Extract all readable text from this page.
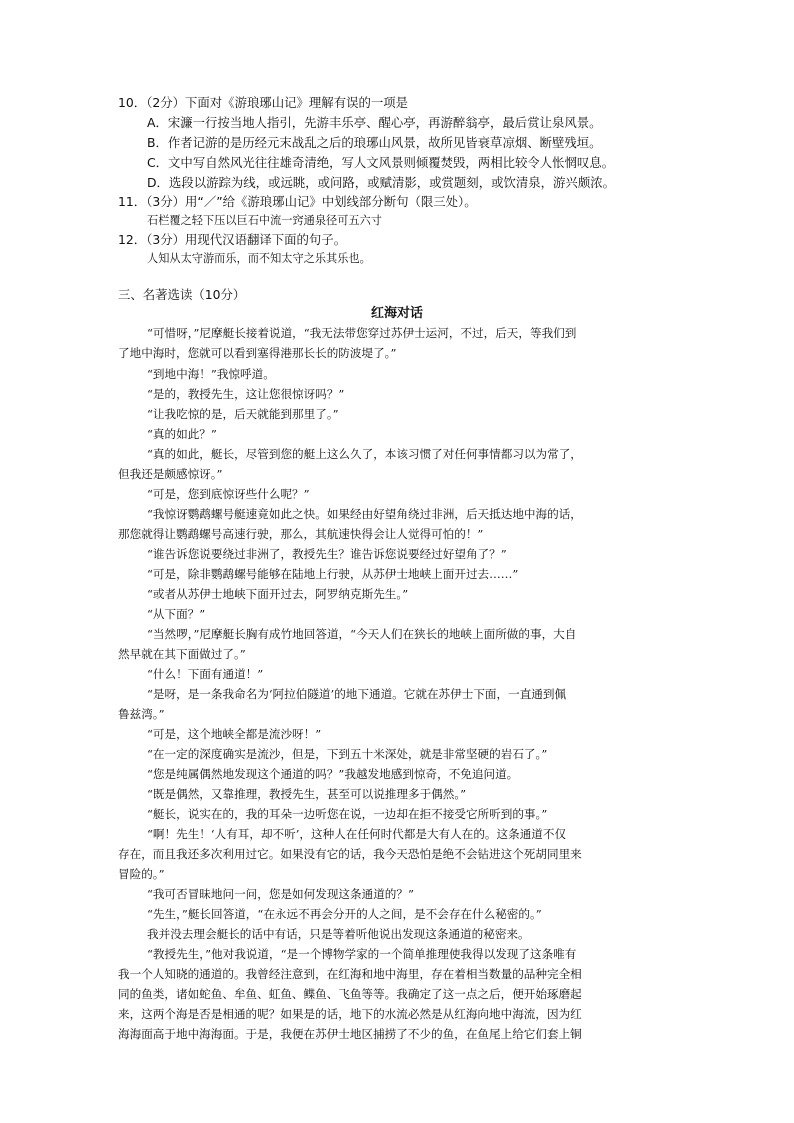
10．（2分）下面对《游琅琊山记》理解有误的一项是
A．宋濂一行按当地人指引，先游丰乐亭、醒心亭，再游醉翁亭，最后赏让泉风景。
B．作者记游的是历经元末战乱之后的琅琊山风景，故所见皆衰草凉烟、断壁残垣。
C．文中写自然风光往往雄奇清绝，写人文风景则倾覆焚毁，两相比较令人怅惘叹息。
D．选段以游踪为线，或远眺，或问路，或赋清影，或赏题刻，或饮清泉，游兴颇浓。
11．（3分）用“／”给《游琅琊山记》中划线部分断句（限三处）。
石栏覆之轻下压以巨石中流一窍通泉径可五六寸
12．（3分）用现代汉语翻译下面的句子。
人知从太守游而乐，而不知太守之乐其乐也。
三、名著选读（10分）
红海对话
“可惜呀，”尼摩艇长接着说道，“我无法带您穿过苏伊士运河，不过，后天，等我们到
了地中海时，您就可以看到塞得港那长长的防波堤了。”
“到地中海！”我惊呼道。
“是的，教授先生，这让您很惊讶吗？”
“让我吃惊的是，后天就能到那里了。”
“真的如此？”
“真的如此，艇长，尽管到您的艇上这么久了，本该习惯了对任何事情都习以为常了，
但我还是颇感惊讶。”
“可是，您到底惊讶些什么呢？”
“我惊讶鹦鹉螺号艇速竟如此之快。如果经由好望角绕过非洲，后天抵达地中海的话，
那您就得让鹦鹉螺号高速行驶，那么，其航速快得会让人觉得可怕的！”
“谁告诉您说要绕过非洲了，教授先生？谁告诉您说要经过好望角了？”
“可是，除非鹦鹉螺号能够在陆地上行驶，从苏伊士地峡上面开过去……”
“或者从苏伊士地峡下面开过去，阿罗纳克斯先生。”
“从下面？”
“当然啰，”尼摩艇长胸有成竹地回答道，“今天人们在狭长的地峡上面所做的事，大自
然早就在其下面做过了。”
“什么！下面有通道！”
“是呀，是一条我命名为‘阿拉伯隧道’的地下通道。它就在苏伊士下面，一直通到佩
鲁兹湾。”
“可是，这个地峡全都是流沙呀！”
“在一定的深度确实是流沙，但是，下到五十米深处，就是非常坚硬的岩石了。”
“您是纯属偶然地发现这个通道的吗？”我越发地感到惊奇，不免追问道。
“既是偶然，又靠推理，教授先生，甚至可以说推理多于偶然。”
“艇长，说实在的，我的耳朵一边听您在说，一边却在拒不接受它所听到的事。”
“啊！先生！‘人有耳，却不听’，这种人在任何时代都是大有人在的。这条通道不仅
存在，而且我还多次利用过它。如果没有它的话，我今天恐怕是绝不会钻进这个死胡同里来
冒险的。”
“我可否冒昧地问一问，您是如何发现这条通道的？”
“先生，”艇长回答道，“在永远不再会分开的人之间，是不会存在什么秘密的。”
我并没去理会艇长的话中有话，只是等着听他说出发现这条通道的秘密来。
“教授先生，”他对我说道，“是一个博物学家的一个简单推理使我得以发现了这条唯有
我一个人知晓的通道的。我曾经注意到，在红海和地中海里，存在着相当数量的品种完全相
同的鱼类，诸如蛇鱼、牟鱼、虹鱼、鲽鱼、飞鱼等等。我确定了这一点之后，便开始琢磨起
来，这两个海是否是相通的呢？如果是的话，地下的水流必然是从红海向地中海流，因为红
海海面高于地中海海面。于是，我便在苏伊士地区捕捞了不少的鱼，在鱼尾上给它们套上铜
